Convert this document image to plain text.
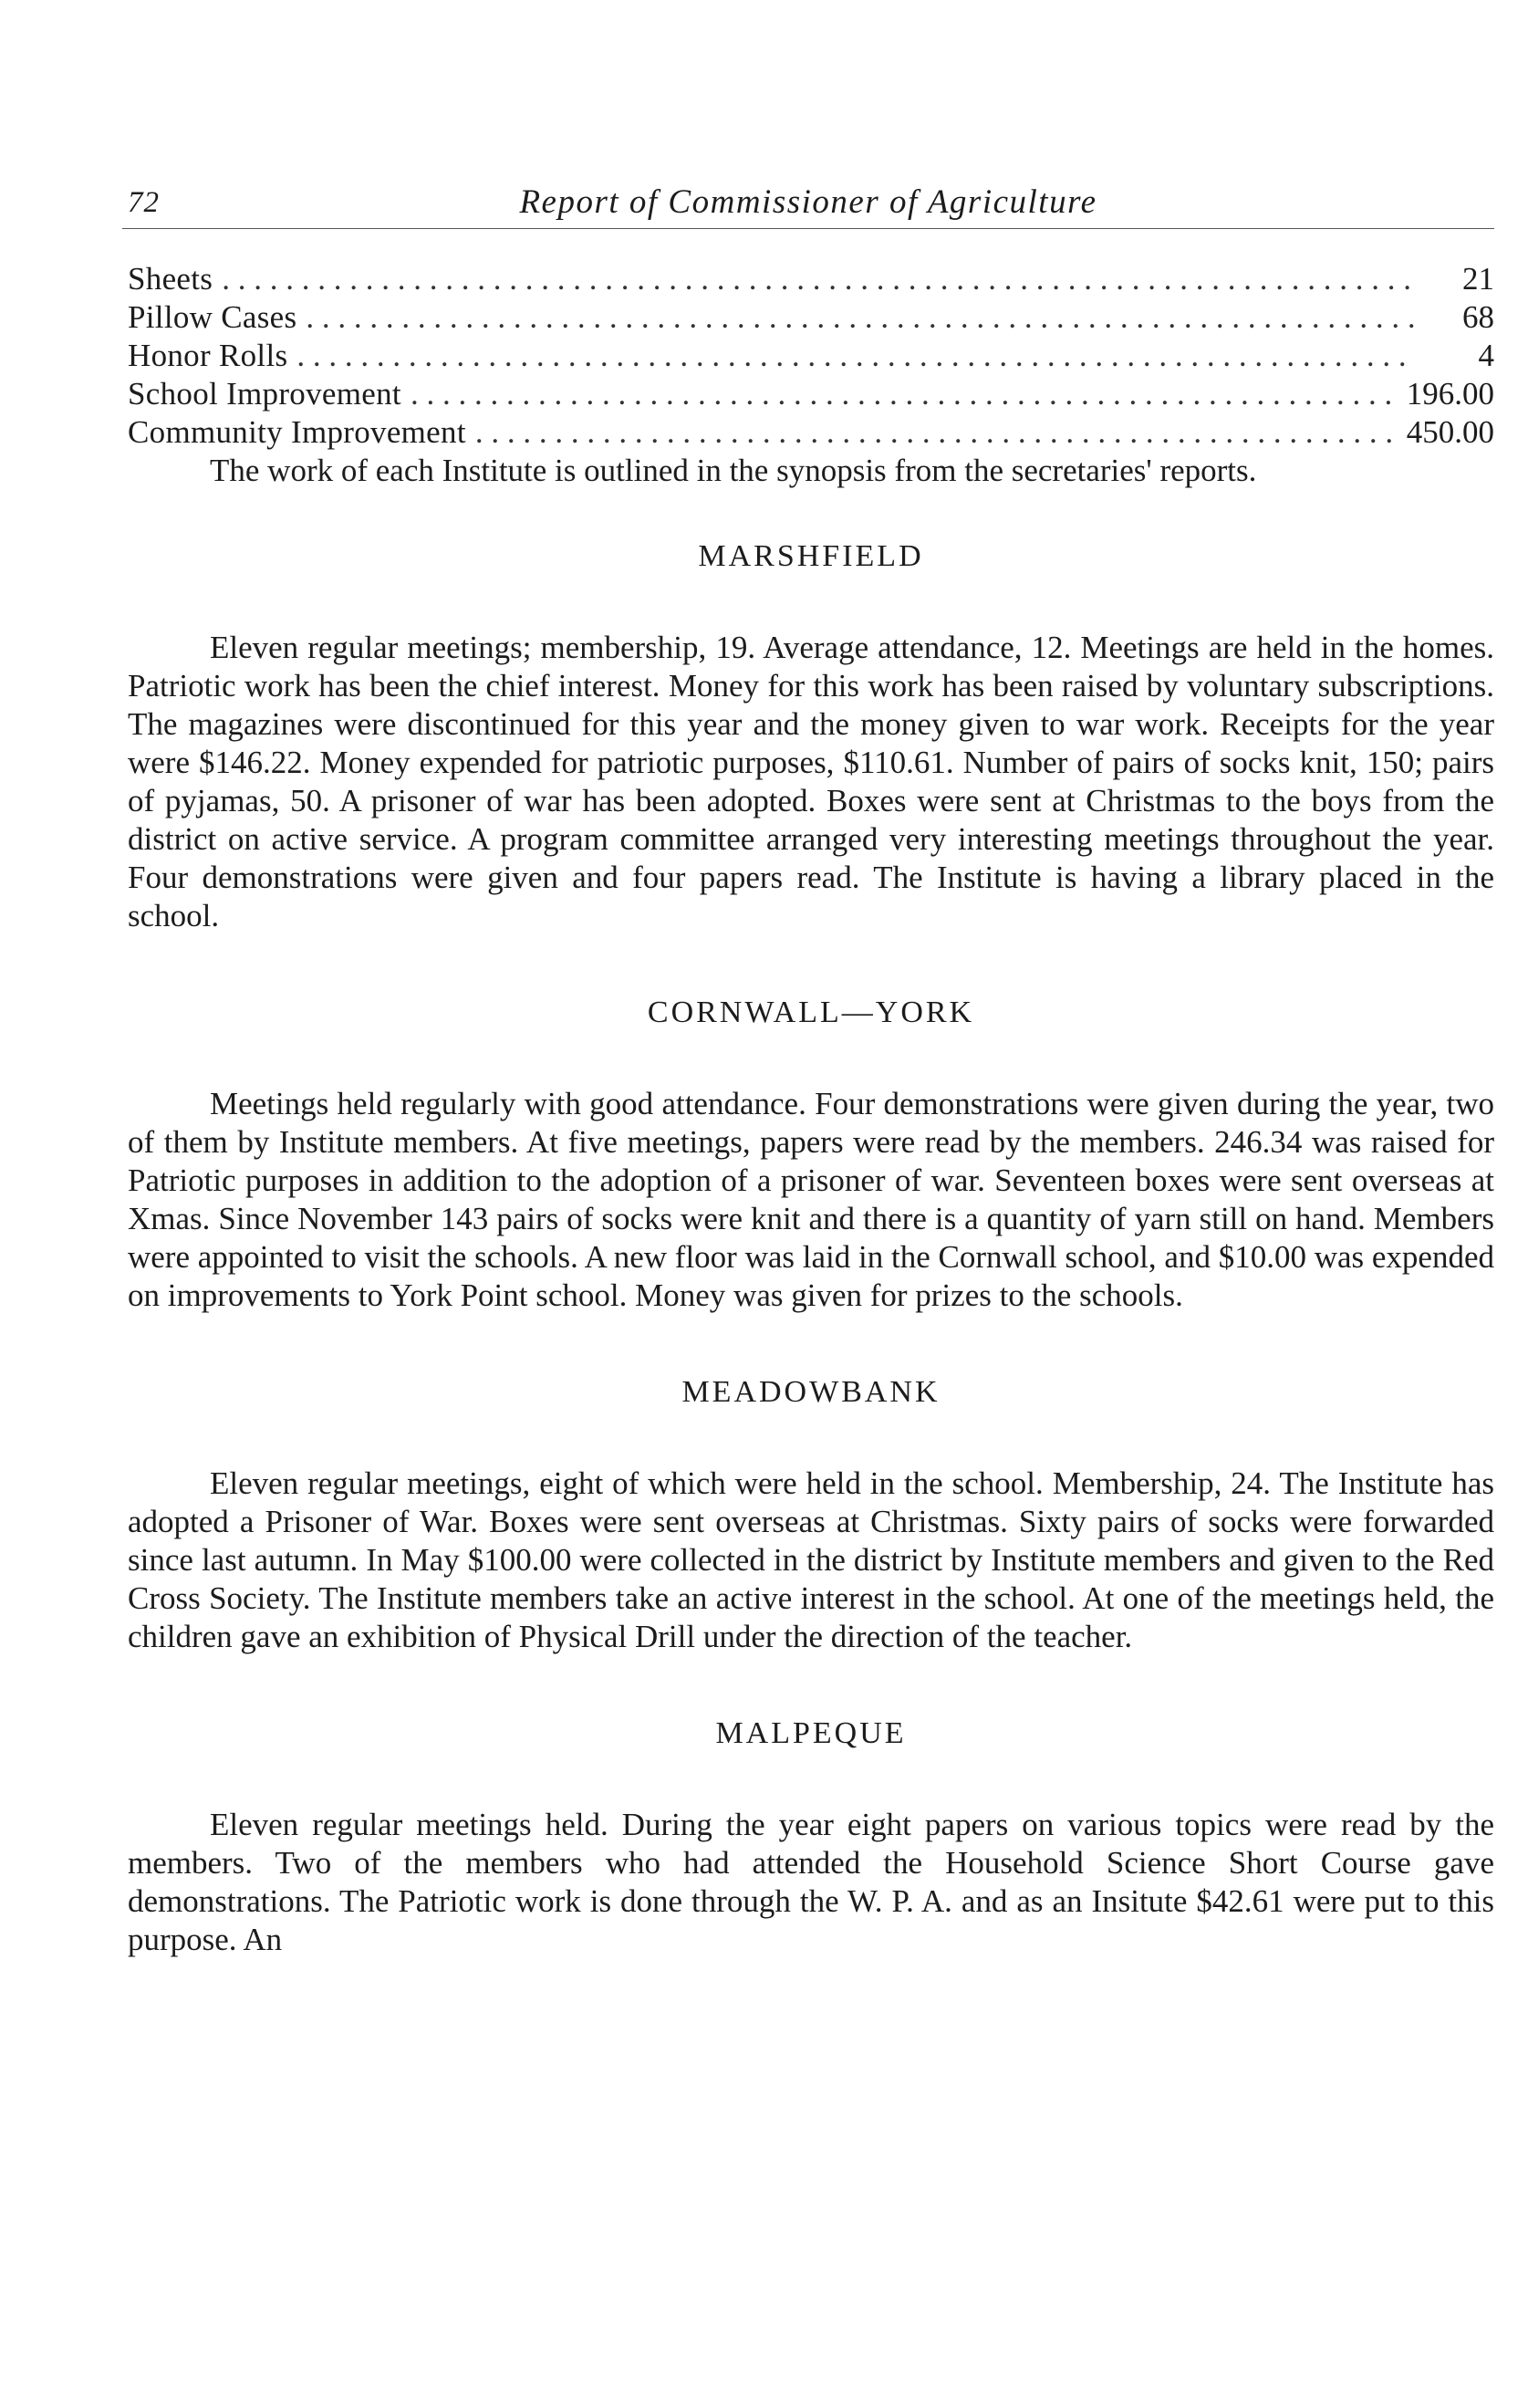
72	Report of Commissioner of Agriculture
Sheets . . .	21
Pillow Cases . . .	68
Honor Rolls . . .	4
School Improvement . . .	196.00
Community Improvement . . .	450.00

The work of each Institute is outlined in the synopsis from the secretaries' reports.

MARSHFIELD

Eleven regular meetings; membership, 19. Average attendance, 12. Meetings are held in the homes. Patriotic work has been the chief interest. Money for this work has been raised by voluntary subscriptions. The magazines were discontinued for this year and the money given to war work. Receipts for the year were $146.22. Money expended for patriotic purposes, $110.61. Number of pairs of socks knit, 150; pairs of pyjamas, 50. A prisoner of war has been adopted. Boxes were sent at Christmas to the boys from the district on active service. A program committee arranged very interesting meetings throughout the year. Four demonstrations were given and four papers read. The Institute is having a library placed in the school.

CORNWALL—YORK

Meetings held regularly with good attendance. Four demonstrations were given during the year, two of them by Institute members. At five meetings, papers were read by the members. 246.34 was raised for Patriotic purposes in addition to the adoption of a prisoner of war. Seventeen boxes were sent overseas at Xmas. Since November 143 pairs of socks were knit and there is a quantity of yarn still on hand. Members were appointed to visit the schools. A new floor was laid in the Cornwall school, and $10.00 was expended on improvements to York Point school. Money was given for prizes to the schools.

MEADOWBANK

Eleven regular meetings, eight of which were held in the school. Membership, 24. The Institute has adopted a Prisoner of War. Boxes were sent overseas at Christmas. Sixty pairs of socks were forwarded since last autumn. In May $100.00 were collected in the district by Institute members and given to the Red Cross Society. The Institute members take an active interest in the school. At one of the meetings held, the children gave an exhibition of Physical Drill under the direction of the teacher.

MALPEQUE

Eleven regular meetings held. During the year eight papers on various topics were read by the members. Two of the members who had attended the Household Science Short Course gave demonstrations. The Patriotic work is done through the W. P. A. and as an Insitute $42.61 were put to this purpose. An
